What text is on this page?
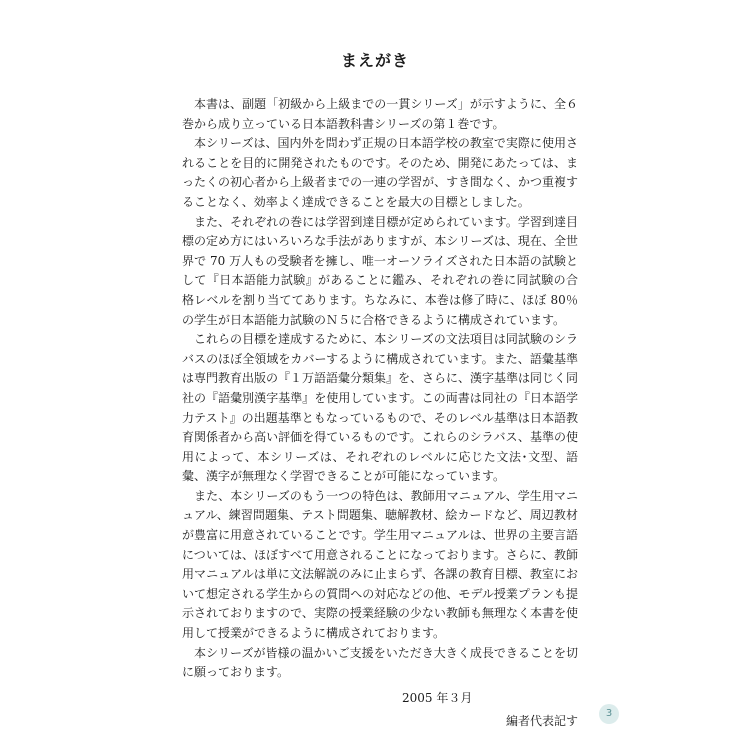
まえがき

本書は、副題「初級から上級までの一貫シリーズ」が示すように、全６巻から成り立っている日本語教科書シリーズの第１巻です。

本シリーズは、国内外を問わず正規の日本語学校の教室で実際に使用されることを目的に開発されたものです。そのため、開発にあたっては、まったくの初心者から上級者までの一連の学習が、すき間なく、かつ重複することなく、効率よく達成できることを最大の目標としました。

また、それぞれの巻には学習到達目標が定められています。学習到達目標の定め方にはいろいろな手法がありますが、本シリーズは、現在、全世界で 70 万人もの受験者を擁し、唯一オーソライズされた日本語の試験として『日本語能力試験』があることに鑑み、それぞれの巻に同試験の合格レベルを割り当ててあります。ちなみに、本巻は修了時に、ほぼ 80％の学生が日本語能力試験のＮ５に合格できるように構成されています。

これらの目標を達成するために、本シリーズの文法項目は同試験のシラバスのほぼ全領域をカバーするように構成されています。また、語彙基準は専門教育出版の『１万語語彙分類集』を、さらに、漢字基準は同じく同社の『語彙別漢字基準』を使用しています。この両書は同社の『日本語学力テスト』の出題基準ともなっているもので、そのレベル基準は日本語教育関係者から高い評価を得ているものです。これらのシラバス、基準の使用によって、本シリーズは、それぞれのレベルに応じた文法･文型、語彙、漢字が無理なく学習できることが可能になっています。

また、本シリーズのもう一つの特色は、教師用マニュアル、学生用マニュアル、練習問題集、テスト問題集、聴解教材、絵カードなど、周辺教材が豊富に用意されていることです。学生用マニュアルは、世界の主要言語については、ほぼすべて用意されることになっております。さらに、教師用マニュアルは単に文法解説のみに止まらず、各課の教育目標、教室において想定される学生からの質問への対応などの他、モデル授業プランも提示されておりますので、実際の授業経験の少ない教師も無理なく本書を使用して授業ができるように構成されております。

本シリーズが皆様の温かいご支援をいただき大きく成長できることを切に願っております。

2005 年３月
編者代表記す
3
